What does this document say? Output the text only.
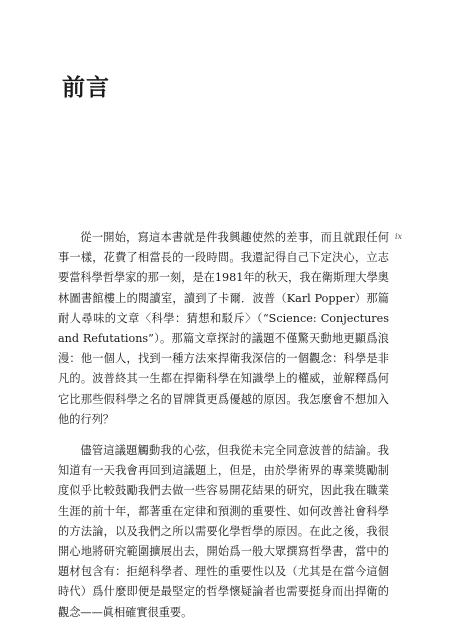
前言
ix

從一開始，寫這本書就是件我興趣使然的差事，而且就跟任何事一樣，花費了相當長的一段時間。我還記得自己下定決心，立志要當科學哲學家的那一刻，是在1981年的秋天，我在衛斯理大學奧林圖書館樓上的閱讀室，讀到了卡爾．波普（Karl Popper）那篇耐人尋味的文章〈科學：猜想和駁斥〉（“Science: Conjectures and Refutations”）。那篇文章探討的議題不僅驚天動地更顯爲浪漫：他一個人，找到一種方法來捍衛我深信的一個觀念：科學是非凡的。波普終其一生都在捍衛科學在知識學上的權威，並解釋爲何它比那些假科學之名的冒牌貨更爲優越的原因。我怎麼會不想加入他的行列？

儘管這議題觸動我的心弦，但我從未完全同意波普的結論。我知道有一天我會再回到這議題上，但是，由於學術界的專業獎勵制度似乎比較鼓勵我們去做一些容易開花結果的研究，因此我在職業生涯的前十年，都著重在定律和預測的重要性、如何改善社會科學的方法論，以及我們之所以需要化學哲學的原因。在此之後，我很開心地將研究範圍擴展出去，開始爲一般大眾撰寫哲學書，當中的題材包含有：拒絕科學者、理性的重要性以及（尤其是在當今這個時代）爲什麼即便是最堅定的哲學懷疑論者也需要挺身而出捍衛的觀念——眞相確實很重要。
